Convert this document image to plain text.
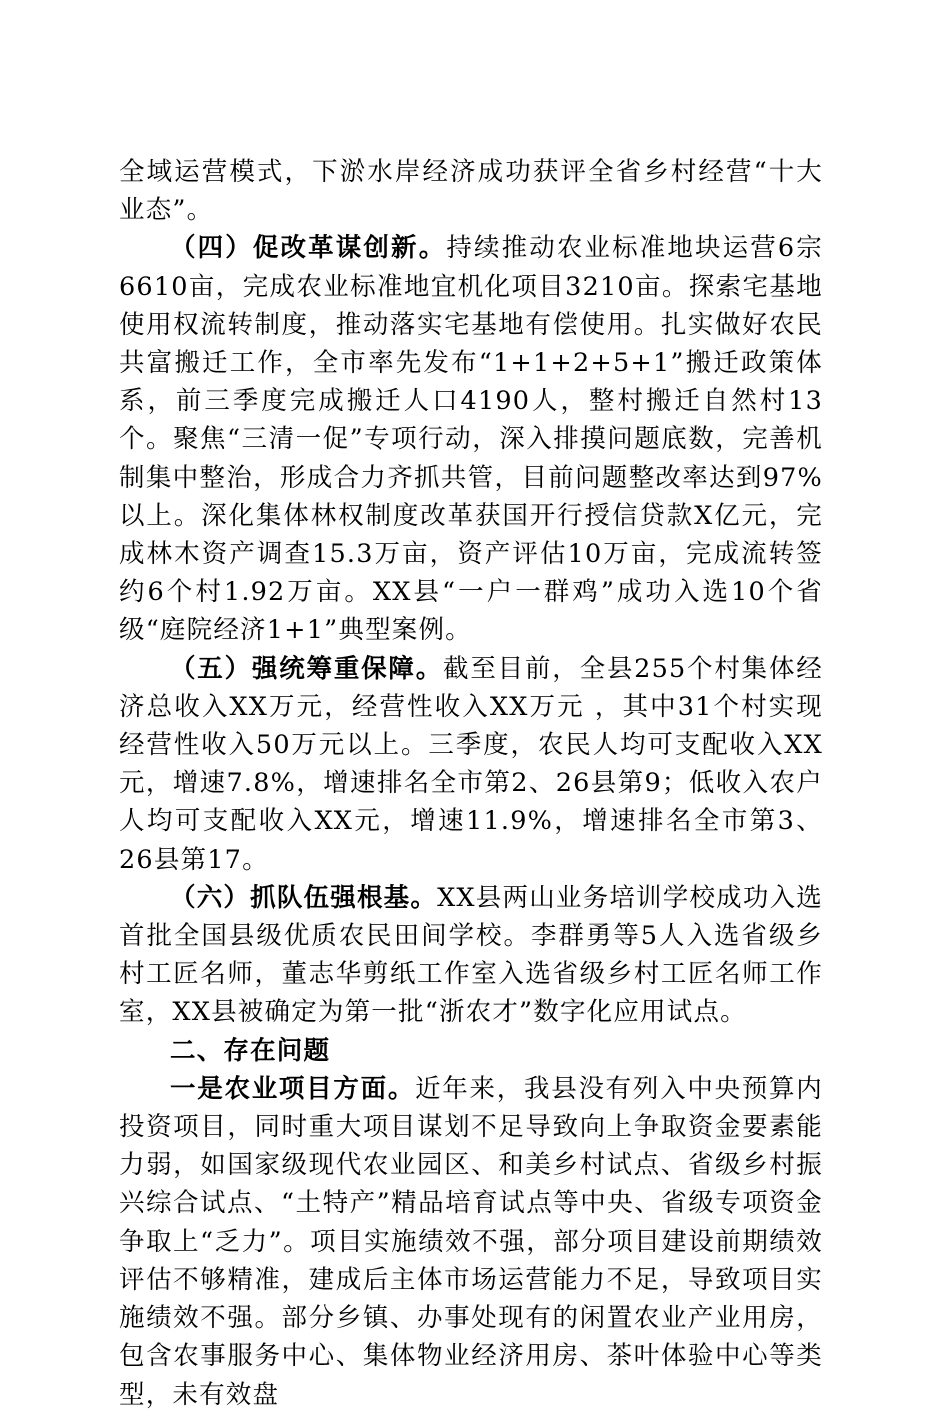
全域运营模式，下淤水岸经济成功获评全省乡村经营“十大业态”。

（四）促改革谋创新。持续推动农业标准地块运营6宗6610亩，完成农业标准地宜机化项目3210亩。探索宅基地使用权流转制度，推动落实宅基地有偿使用。扎实做好农民共富搬迁工作，全市率先发布“1+1+2+5+1”搬迁政策体系，前三季度完成搬迁人口4190人，整村搬迁自然村13个。聚焦“三清一促”专项行动，深入排摸问题底数，完善机制集中整治，形成合力齐抓共管，目前问题整改率达到97%以上。深化集体林权制度改革获国开行授信贷款X亿元，完成林木资产调查15.3万亩，资产评估10万亩，完成流转签约6个村1.92万亩。XX县“一户一群鸡”成功入选10个省级“庭院经济1+1”典型案例。

（五）强统筹重保障。截至目前，全县255个村集体经济总收入XX万元，经营性收入XX万元 ，其中31个村实现经营性收入50万元以上。三季度，农民人均可支配收入XX元，增速7.8%，增速排名全市第2、26县第9；低收入农户人均可支配收入XX元，增速11.9%，增速排名全市第3、26县第17。

（六）抓队伍强根基。XX县两山业务培训学校成功入选首批全国县级优质农民田间学校。李群勇等5人入选省级乡村工匠名师，董志华剪纸工作室入选省级乡村工匠名师工作室，XX县被确定为第一批“浙农才”数字化应用试点。

二、存在问题

一是农业项目方面。近年来，我县没有列入中央预算内投资项目，同时重大项目谋划不足导致向上争取资金要素能力弱，如国家级现代农业园区、和美乡村试点、省级乡村振兴综合试点、“土特产”精品培育试点等中央、省级专项资金争取上“乏力”。项目实施绩效不强，部分项目建设前期绩效评估不够精准，建成后主体市场运营能力不足，导致项目实施绩效不强。部分乡镇、办事处现有的闲置农业产业用房，包含农事服务中心、集体物业经济用房、茶叶体验中心等类型，未有效盘
